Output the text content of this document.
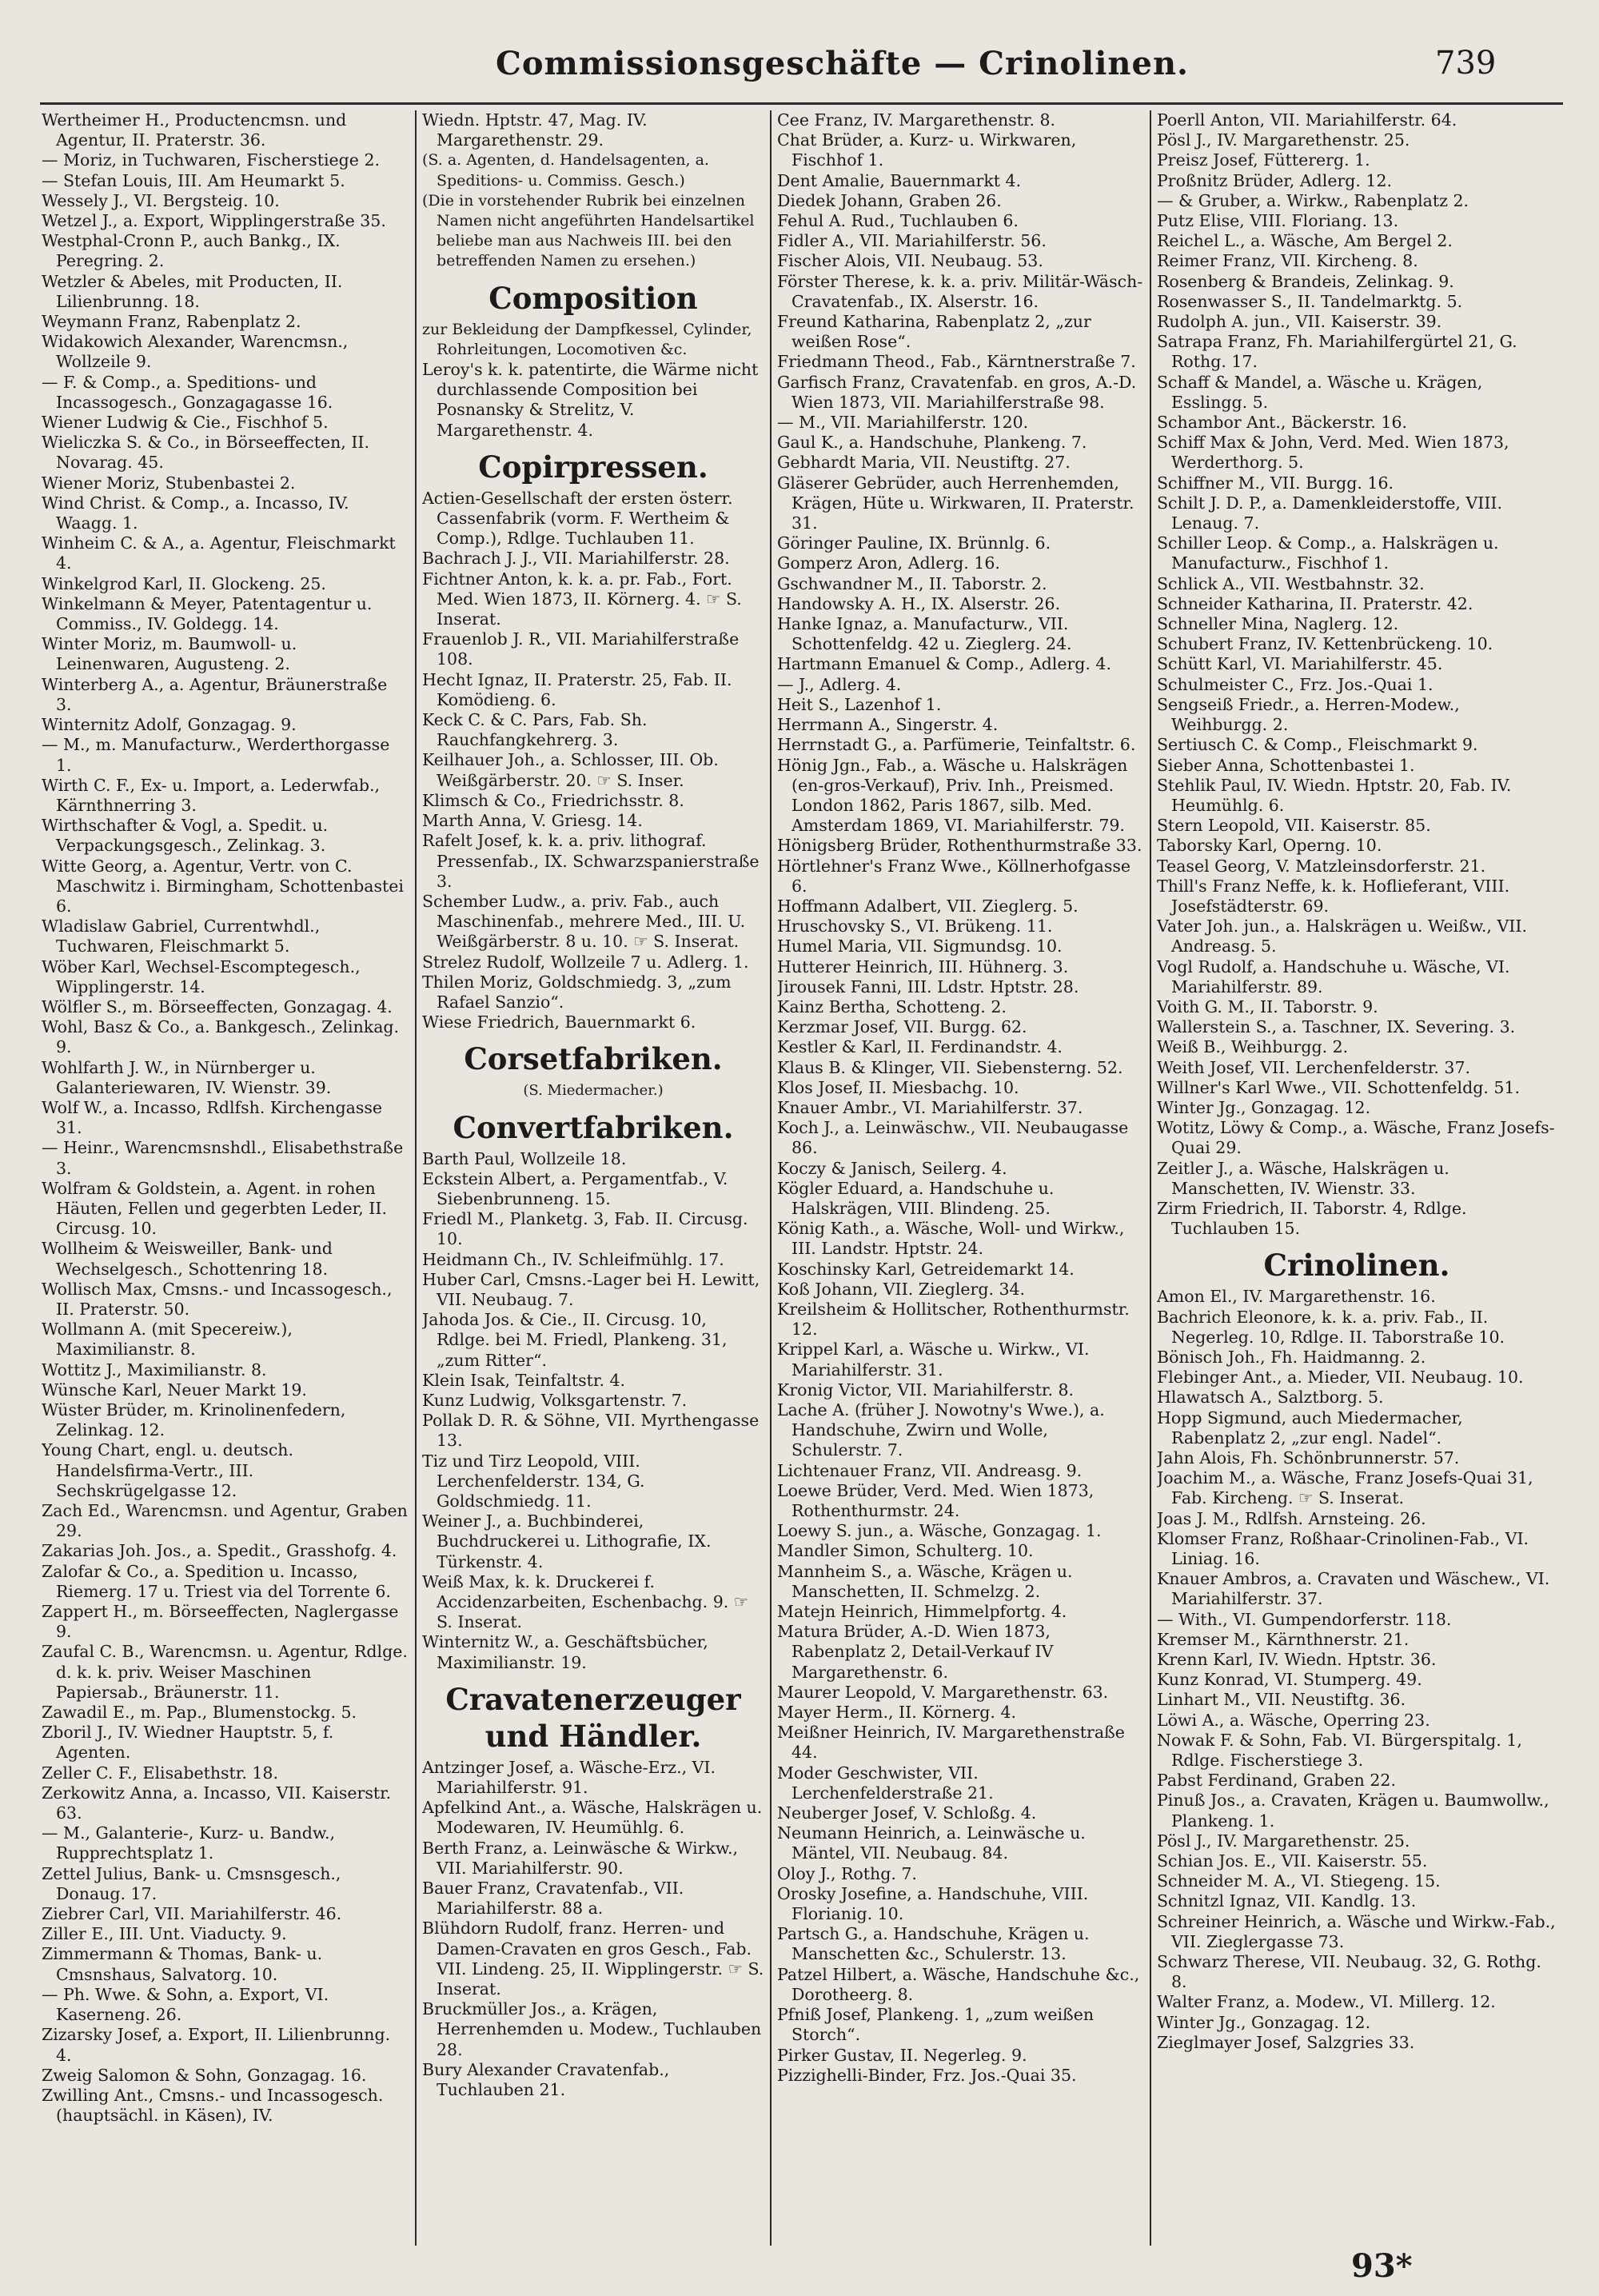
Commissionsgeschäfte — Crinolinen.	739
Wertheimer H., Productencmsn. und Agentur, II. Praterstr. 36.
— Moriz, in Tuchwaren, Fischerstiege 2.
— Stefan Louis, III. Am Heumarkt 5.
Wessely J., VI. Bergsteig. 10.
Wetzel J., a. Export, Wipplingerstraße 35.
Westphal-Cronn P., auch Bankg., IX. Peregring. 2.
Wetzler & Abeles, mit Producten, II. Lilienbrunng. 18.
Weymann Franz, Rabenplatz 2.
Widakowich Alexander, Warencmsn., Wollzeile 9.
— F. & Comp., a. Speditions- und Incassogesch., Gonzagagasse 16.
Wiener Ludwig & Cie., Fischhof 5.
Wieliczka S. & Co., in Börseeffecten, II. Novarag. 45.
Wiener Moriz, Stubenbastei 2.
Wind Christ. & Comp., a. Incasso, IV. Waagg. 1.
Winheim C. & A., a. Agentur, Fleischmarkt 4.
Winkelgrod Karl, II. Glockeng. 25.
Winkelmann & Meyer, Patentagentur u. Commiss., IV. Goldegg. 14.
Winter Moriz, m. Baumwoll- u. Leinenwaren, Augusteng. 2.
Winterberg A., a. Agentur, Bräunerstraße 3.
Winternitz Adolf, Gonzagag. 9.
— M., m. Manufacturw., Werderthorgasse 1.
Wirth C. F., Ex- u. Import, a. Lederwfab., Kärnthnerring 3.
Wirthschafter & Vogl, a. Spedit. u. Verpackungsgesch., Zelinkag. 3.
Witte Georg, a. Agentur, Vertr. von C. Maschwitz i. Birmingham, Schottenbastei 6.
Wladislaw Gabriel, Currentwhdl., Tuchwaren, Fleischmarkt 5.
Wöber Karl, Wechsel-Escomptegesch., Wipplingerstr. 14.
Wölfler S., m. Börseeffecten, Gonzagag. 4.
Wohl, Basz & Co., a. Bankgesch., Zelinkag. 9.
Wohlfarth J. W., in Nürnberger u. Galanteriewaren, IV. Wienstr. 39.
Wolf W., a. Incasso, Rdlfsh. Kirchengasse 31.
— Heinr., Warencmsnshdl., Elisabethstraße 3.
Wolfram & Goldstein, a. Agent. in rohen Häuten, Fellen und gegerbten Leder, II. Circusg. 10.
Wollheim & Weisweiller, Bank- und Wechselgesch., Schottenring 18.
Wollisch Max, Cmsns.- und Incassogesch., II. Praterstr. 50.
Wollmann A. (mit Specereiw.), Maximilianstr. 8.
Wottitz J., Maximilianstr. 8.
Wünsche Karl, Neuer Markt 19.
Wüster Brüder, m. Krinolinenfedern, Zelinkag. 12.
Young Chart, engl. u. deutsch. Handelsfirma-Vertr., III. Sechskrügelgasse 12.
Zach Ed., Warencmsn. und Agentur, Graben 29.
Zakarias Joh. Jos., a. Spedit., Grasshofg. 4.
Zalofar & Co., a. Spedition u. Incasso, Riemerg. 17 u. Triest via del Torrente 6.
Zappert H., m. Börseeffecten, Naglergasse 9.
Zaufal C. B., Warencmsn. u. Agentur, Rdlge. d. k. k. priv. Weiser Maschinen Papiersab., Bräunerstr. 11.
Zawadil E., m. Pap., Blumenstockg. 5.
Zboril J., IV. Wiedner Hauptstr. 5, f. Agenten.
Zeller C. F., Elisabethstr. 18.
Zerkowitz Anna, a. Incasso, VII. Kaiserstr. 63.
— M., Galanterie-, Kurz- u. Bandw., Rupprechtsplatz 1.
Zettel Julius, Bank- u. Cmsnsgesch., Donaug. 17.
Ziebrer Carl, VII. Mariahilferstr. 46.
Ziller E., III. Unt. Viaducty. 9.
Zimmermann & Thomas, Bank- u. Cmsnshaus, Salvatorg. 10.
— Ph. Wwe. & Sohn, a. Export, VI. Kaserneng. 26.
Zizarsky Josef, a. Export, II. Lilienbrunng. 4.
Zweig Salomon & Sohn, Gonzagag. 16.
Zwilling Ant., Cmsns.- und Incassogesch. (hauptsächl. in Käsen), IV.
Wiedn. Hptstr. 47, Mag. IV. Margarethenstr. 29.
(S. a. Agenten, d. Handelsagenten, a. Speditions- u. Commiss. Gesch.)
(Die in vorstehender Rubrik bei einzelnen Namen nicht angeführten Handelsartikel beliebe man aus Nachweis III. bei den betreffenden Namen zu ersehen.)
Composition
zur Bekleidung der Dampfkessel, Cylinder, Rohrleitungen, Locomotiven &c.
Leroy's k. k. patentirte, die Wärme nicht durchlassende Composition bei Posnansky & Strelitz, V. Margarethenstr. 4.
Copirpressen.
Actien-Gesellschaft der ersten österr. Cassenfabrik (vorm. F. Wertheim & Comp.), Rdlge. Tuchlauben 11.
Bachrach J. J., VII. Mariahilferstr. 28.
Fichtner Anton, k. k. a. pr. Fab., Fort. Med. Wien 1873, II. Körnerg. 4. ☞ S. Inserat.
Frauenlob J. R., VII. Mariahilferstraße 108.
Hecht Ignaz, II. Praterstr. 25, Fab. II. Komödieng. 6.
Keck C. & C. Pars, Fab. Sh. Rauchfangkehrerg. 3.
Keilhauer Joh., a. Schlosser, III. Ob. Weißgärberstr. 20. ☞ S. Inser.
Klimsch & Co., Friedrichsstr. 8.
Marth Anna, V. Griesg. 14.
Rafelt Josef, k. k. a. priv. lithograf. Pressenfab., IX. Schwarzspanierstraße 3.
Schember Ludw., a. priv. Fab., auch Maschinenfab., mehrere Med., III. U. Weißgärberstr. 8 u. 10. ☞ S. Inserat.
Strelez Rudolf, Wollzeile 7 u. Adlerg. 1.
Thilen Moriz, Goldschmiedg. 3, „zum Rafael Sanzio“.
Wiese Friedrich, Bauernmarkt 6.
Corsetfabriken.
(S. Miedermacher.)
Convertfabriken.
Barth Paul, Wollzeile 18.
Eckstein Albert, a. Pergamentfab., V. Siebenbrunneng. 15.
Friedl M., Planketg. 3, Fab. II. Circusg. 10.
Heidmann Ch., IV. Schleifmühlg. 17.
Huber Carl, Cmsns.-Lager bei H. Lewitt, VII. Neubaug. 7.
Jahoda Jos. & Cie., II. Circusg. 10, Rdlge. bei M. Friedl, Plankeng. 31, „zum Ritter“.
Klein Isak, Teinfaltstr. 4.
Kunz Ludwig, Volksgartenstr. 7.
Pollak D. R. & Söhne, VII. Myrthengasse 13.
Tiz und Tirz Leopold, VIII. Lerchenfelderstr. 134, G. Goldschmiedg. 11.
Weiner J., a. Buchbinderei, Buchdruckerei u. Lithografie, IX. Türkenstr. 4.
Weiß Max, k. k. Druckerei f. Accidenzarbeiten, Eschenbachg. 9. ☞ S. Inserat.
Winternitz W., a. Geschäftsbücher, Maximilianstr. 19.
Cravatenerzeuger und Händler.
Antzinger Josef, a. Wäsche-Erz., VI. Mariahilferstr. 91.
Apfelkind Ant., a. Wäsche, Halskrägen u. Modewaren, IV. Heumühlg. 6.
Berth Franz, a. Leinwäsche & Wirkw., VII. Mariahilferstr. 90.
Bauer Franz, Cravatenfab., VII. Mariahilferstr. 88 a.
Blühdorn Rudolf, franz. Herren- und Damen-Cravaten en gros Gesch., Fab. VII. Lindeng. 25, II. Wipplingerstr. ☞ S. Inserat.
Bruckmüller Jos., a. Krägen, Herrenhemden u. Modew., Tuchlauben 28.
Bury Alexander Cravatenfab., Tuchlauben 21.
Cee Franz, IV. Margarethenstr. 8.
Chat Brüder, a. Kurz- u. Wirkwaren, Fischhof 1.
Dent Amalie, Bauernmarkt 4.
Diedek Johann, Graben 26.
Fehul A. Rud., Tuchlauben 6.
Fidler A., VII. Mariahilferstr. 56.
Fischer Alois, VII. Neubaug. 53.
Förster Therese, k. k. a. priv. Militär-Wäsch-Cravatenfab., IX. Alserstr. 16.
Freund Katharina, Rabenplatz 2, „zur weißen Rose“.
Friedmann Theod., Fab., Kärntnerstraße 7.
Garfisch Franz, Cravatenfab. en gros, A.-D. Wien 1873, VII. Mariahilferstraße 98.
— M., VII. Mariahilferstr. 120.
Gaul K., a. Handschuhe, Plankeng. 7.
Gebhardt Maria, VII. Neustiftg. 27.
Gläserer Gebrüder, auch Herrenhemden, Krägen, Hüte u. Wirkwaren, II. Praterstr. 31.
Göringer Pauline, IX. Brünnlg. 6.
Gomperz Aron, Adlerg. 16.
Gschwandner M., II. Taborstr. 2.
Handowsky A. H., IX. Alserstr. 26.
Hanke Ignaz, a. Manufacturw., VII. Schottenfeldg. 42 u. Zieglerg. 24.
Hartmann Emanuel & Comp., Adlerg. 4.
— J., Adlerg. 4.
Heit S., Lazenhof 1.
Herrmann A., Singerstr. 4.
Herrnstadt G., a. Parfümerie, Teinfaltstr. 6.
Hönig Jgn., Fab., a. Wäsche u. Halskrägen (en-gros-Verkauf), Priv. Inh., Preismed. London 1862, Paris 1867, silb. Med. Amsterdam 1869, VI. Mariahilferstr. 79.
Hönigsberg Brüder, Rothenthurmstraße 33.
Hörtlehner's Franz Wwe., Köllnerhofgasse 6.
Hoffmann Adalbert, VII. Zieglerg. 5.
Hruschovsky S., VI. Brükeng. 11.
Humel Maria, VII. Sigmundsg. 10.
Hutterer Heinrich, III. Hühnerg. 3.
Jirousek Fanni, III. Ldstr. Hptstr. 28.
Kainz Bertha, Schotteng. 2.
Kerzmar Josef, VII. Burgg. 62.
Kestler & Karl, II. Ferdinandstr. 4.
Klaus B. & Klinger, VII. Siebensterng. 52.
Klos Josef, II. Miesbachg. 10.
Knauer Ambr., VI. Mariahilferstr. 37.
Koch J., a. Leinwäschw., VII. Neubaugasse 86.
Koczy & Janisch, Seilerg. 4.
Kögler Eduard, a. Handschuhe u. Halskrägen, VIII. Blindeng. 25.
König Kath., a. Wäsche, Woll- und Wirkw., III. Landstr. Hptstr. 24.
Koschinsky Karl, Getreidemarkt 14.
Koß Johann, VII. Zieglerg. 34.
Kreilsheim & Hollitscher, Rothenthurmstr. 12.
Krippel Karl, a. Wäsche u. Wirkw., VI. Mariahilferstr. 31.
Kronig Victor, VII. Mariahilferstr. 8.
Lache A. (früher J. Nowotny's Wwe.), a. Handschuhe, Zwirn und Wolle, Schulerstr. 7.
Lichtenauer Franz, VII. Andreasg. 9.
Loewe Brüder, Verd. Med. Wien 1873, Rothenthurmstr. 24.
Loewy S. jun., a. Wäsche, Gonzagag. 1.
Mandler Simon, Schulterg. 10.
Mannheim S., a. Wäsche, Krägen u. Manschetten, II. Schmelzg. 2.
Matejn Heinrich, Himmelpfortg. 4.
Matura Brüder, A.-D. Wien 1873, Rabenplatz 2, Detail-Verkauf IV Margarethenstr. 6.
Maurer Leopold, V. Margarethenstr. 63.
Mayer Herm., II. Körnerg. 4.
Meißner Heinrich, IV. Margarethenstraße 44.
Moder Geschwister, VII. Lerchenfelderstraße 21.
Neuberger Josef, V. Schloßg. 4.
Neumann Heinrich, a. Leinwäsche u. Mäntel, VII. Neubaug. 84.
Oloy J., Rothg. 7.
Orosky Josefine, a. Handschuhe, VIII. Florianig. 10.
Partsch G., a. Handschuhe, Krägen u. Manschetten &c., Schulerstr. 13.
Patzel Hilbert, a. Wäsche, Handschuhe &c., Dorotheerg. 8.
Pfniß Josef, Plankeng. 1, „zum weißen Storch“.
Pirker Gustav, II. Negerleg. 9.
Pizzighelli-Binder, Frz. Jos.-Quai 35.
Poerll Anton, VII. Mariahilferstr. 64.
Pösl J., IV. Margarethenstr. 25.
Preisz Josef, Füttererg. 1.
Proßnitz Brüder, Adlerg. 12.
— & Gruber, a. Wirkw., Rabenplatz 2.
Putz Elise, VIII. Floriang. 13.
Reichel L., a. Wäsche, Am Bergel 2.
Reimer Franz, VII. Kircheng. 8.
Rosenberg & Brandeis, Zelinkag. 9.
Rosenwasser S., II. Tandelmarktg. 5.
Rudolph A. jun., VII. Kaiserstr. 39.
Satrapa Franz, Fh. Mariahilfergürtel 21, G. Rothg. 17.
Schaff & Mandel, a. Wäsche u. Krägen, Esslingg. 5.
Schambor Ant., Bäckerstr. 16.
Schiff Max & John, Verd. Med. Wien 1873, Werderthorg. 5.
Schiffner M., VII. Burgg. 16.
Schilt J. D. P., a. Damenkleiderstoffe, VIII. Lenaug. 7.
Schiller Leop. & Comp., a. Halskrägen u. Manufacturw., Fischhof 1.
Schlick A., VII. Westbahnstr. 32.
Schneider Katharina, II. Praterstr. 42.
Schneller Mina, Naglerg. 12.
Schubert Franz, IV. Kettenbrückeng. 10.
Schütt Karl, VI. Mariahilferstr. 45.
Schulmeister C., Frz. Jos.-Quai 1.
Sengseiß Friedr., a. Herren-Modew., Weihburgg. 2.
Sertiusch C. & Comp., Fleischmarkt 9.
Sieber Anna, Schottenbastei 1.
Stehlik Paul, IV. Wiedn. Hptstr. 20, Fab. IV. Heumühlg. 6.
Stern Leopold, VII. Kaiserstr. 85.
Taborsky Karl, Operng. 10.
Teasel Georg, V. Matzleinsdorferstr. 21.
Thill's Franz Neffe, k. k. Hoflieferant, VIII. Josefstädterstr. 69.
Vater Joh. jun., a. Halskrägen u. Weißw., VII. Andreasg. 5.
Vogl Rudolf, a. Handschuhe u. Wäsche, VI. Mariahilferstr. 89.
Voith G. M., II. Taborstr. 9.
Wallerstein S., a. Taschner, IX. Severing. 3.
Weiß B., Weihburgg. 2.
Weith Josef, VII. Lerchenfelderstr. 37.
Willner's Karl Wwe., VII. Schottenfeldg. 51.
Winter Jg., Gonzagag. 12.
Wotitz, Löwy & Comp., a. Wäsche, Franz Josefs-Quai 29.
Zeitler J., a. Wäsche, Halskrägen u. Manschetten, IV. Wienstr. 33.
Zirm Friedrich, II. Taborstr. 4, Rdlge. Tuchlauben 15.
Crinolinen.
Amon El., IV. Margarethenstr. 16.
Bachrich Eleonore, k. k. a. priv. Fab., II. Negerleg. 10, Rdlge. II. Taborstraße 10.
Bönisch Joh., Fh. Haidmanng. 2.
Flebinger Ant., a. Mieder, VII. Neubaug. 10.
Hlawatsch A., Salztborg. 5.
Hopp Sigmund, auch Miedermacher, Rabenplatz 2, „zur engl. Nadel“.
Jahn Alois, Fh. Schönbrunnerstr. 57.
Joachim M., a. Wäsche, Franz Josefs-Quai 31, Fab. Kircheng. ☞ S. Inserat.
Joas J. M., Rdlfsh. Arnsteing. 26.
Klomser Franz, Roßhaar-Crinolinen-Fab., VI. Liniag. 16.
Knauer Ambros, a. Cravaten und Wäschew., VI. Mariahilferstr. 37.
— With., VI. Gumpendorferstr. 118.
Kremser M., Kärnthnerstr. 21.
Krenn Karl, IV. Wiedn. Hptstr. 36.
Kunz Konrad, VI. Stumperg. 49.
Linhart M., VII. Neustiftg. 36.
Löwi A., a. Wäsche, Operring 23.
Nowak F. & Sohn, Fab. VI. Bürgerspitalg. 1, Rdlge. Fischerstiege 3.
Pabst Ferdinand, Graben 22.
Pinuß Jos., a. Cravaten, Krägen u. Baumwollw., Plankeng. 1.
Pösl J., IV. Margarethenstr. 25.
Schian Jos. E., VII. Kaiserstr. 55.
Schneider M. A., VI. Stiegeng. 15.
Schnitzl Ignaz, VII. Kandlg. 13.
Schreiner Heinrich, a. Wäsche und Wirkw.-Fab., VII. Zieglergasse 73.
Schwarz Therese, VII. Neubaug. 32, G. Rothg. 8.
Walter Franz, a. Modew., VI. Millerg. 12.
Winter Jg., Gonzagag. 12.
Zieglmayer Josef, Salzgries 33.
93*
